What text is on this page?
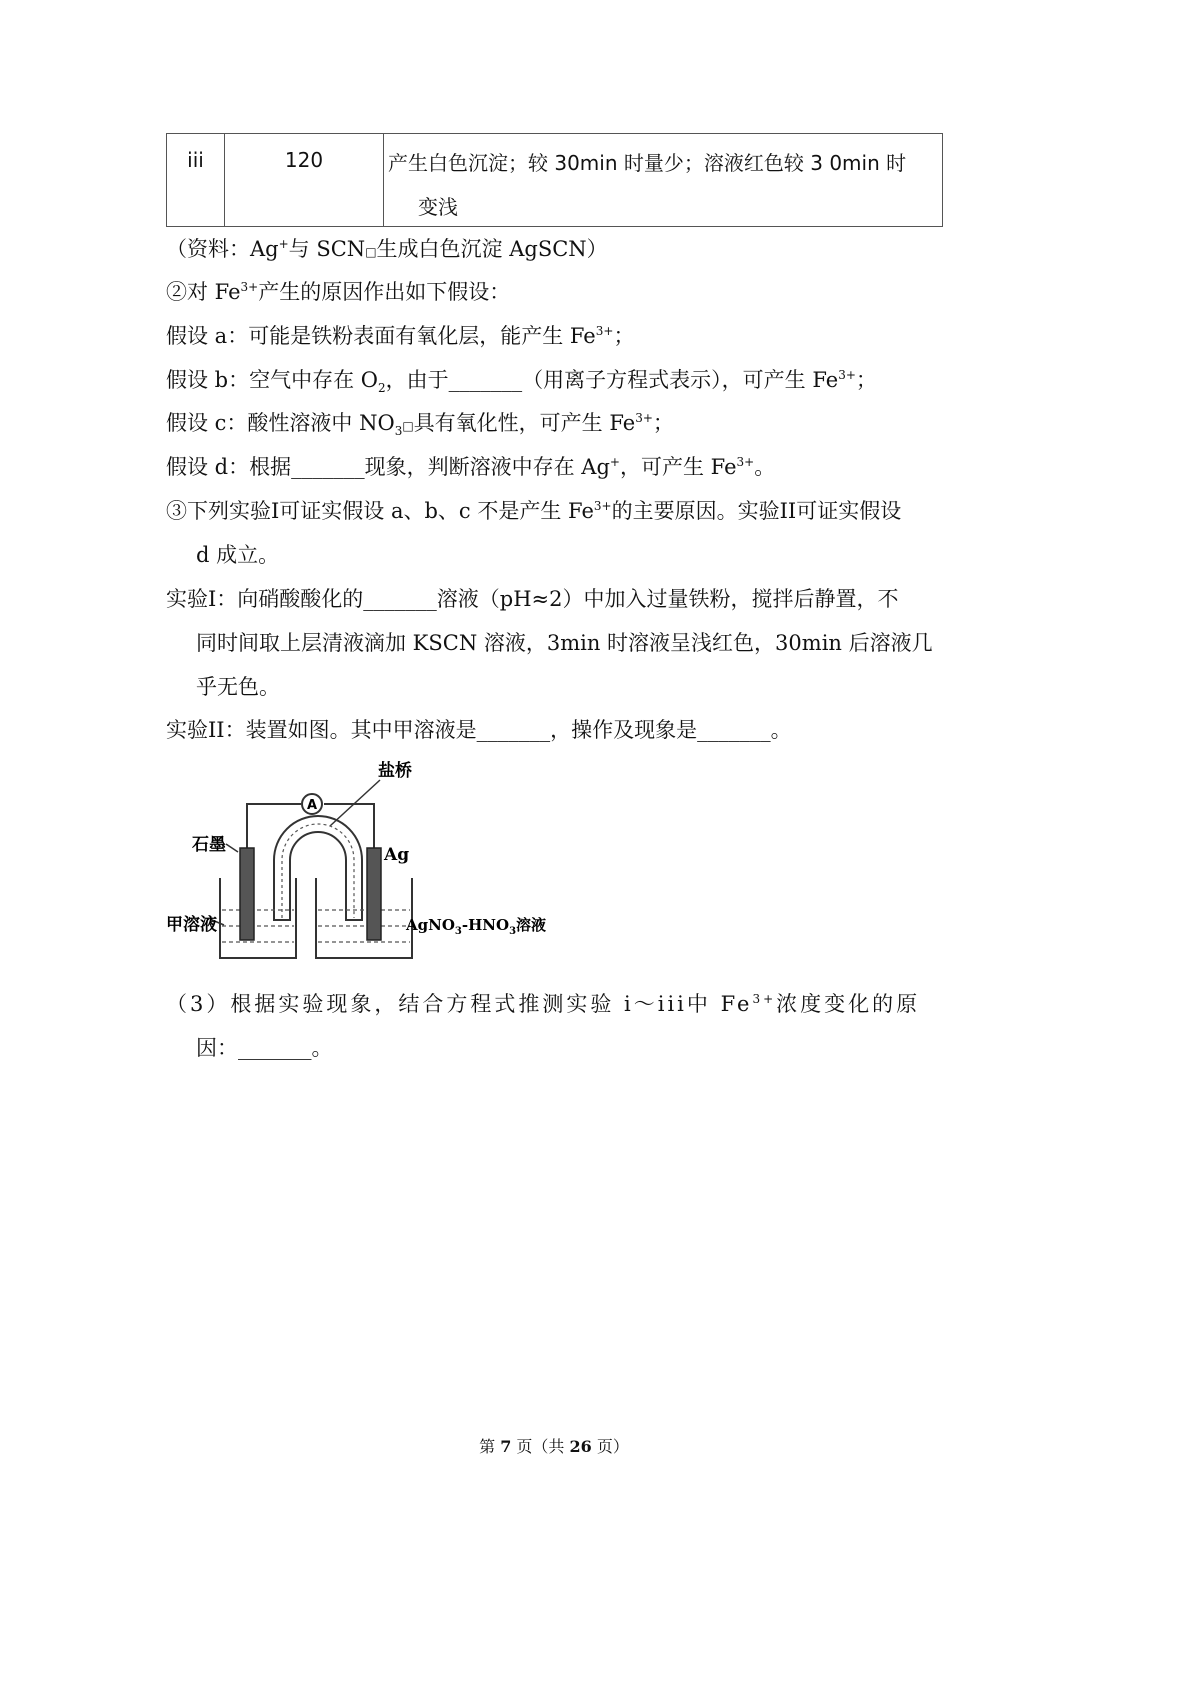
iii	120	产生白色沉淀；较 30min 时量少；溶液红色较 3 0min 时
变浅
（资料：Ag+与 SCN□生成白色沉淀 AgSCN）
②对 $Fe^{3+}$产生的原因作出如下假设：
假设 a：可能是铁粉表面有氧化层，能产生 $Fe^{3+}$；
假设 b：空气中存在 $O_2$，由于_______（用离子方程式表示），可产生 $Fe^{3+}$；
假设 c：酸性溶液中 $NO_3□$具有氧化性，可产生 $Fe^{3+}$；
假设 d：根据_______现象，判断溶液中存在 Ag+，可产生 $Fe^{3+}$。
③下列实验I可证实假设 a、b、c 不是产生 $Fe^{3+}$的主要原因。实验II可证实假设
d 成立。
实验I：向硝酸酸化的_______溶液（pH≈2）中加入过量铁粉，搅拌后静置，不
同时间取上层清液滴加 KSCN 溶液，3min 时溶液呈浅红色，30min 后溶液几
乎无色。
实验II：装置如图。其中甲溶液是_______，操作及现象是_______。
A
盐桥
石墨	Ag
甲溶液	$AgNO_3-HNO_3$溶液
（3）根据实验现象，结合方程式推测实验 i～iii中 $Fe^{3+}$浓度变化的原
因：_______。
第 7 页（共 26 页）
